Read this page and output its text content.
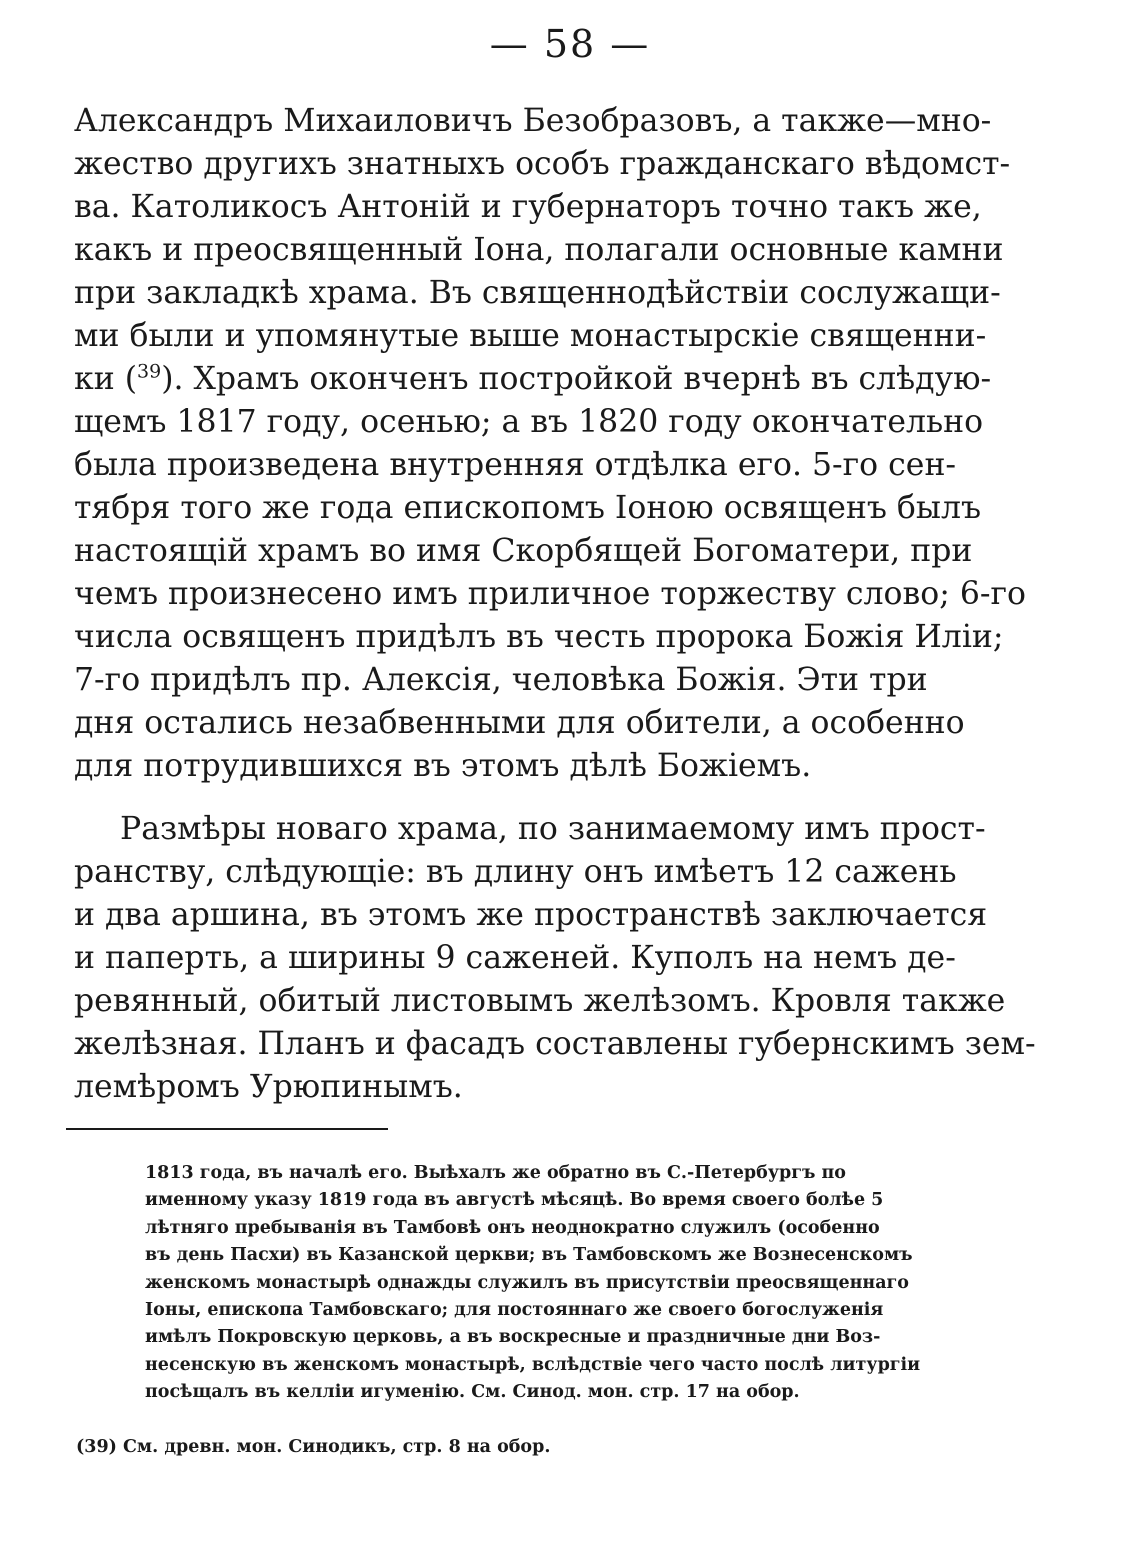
— 58 —
Александръ Михаиловичъ Безобразовъ, а также—мно-
жество другихъ знатныхъ особъ гражданскаго вѣдомст-
ва. Католикосъ Антоній и губернаторъ точно такъ же,
какъ и преосвященный Іона, полагали основные камни
при закладкѣ храма. Въ священнодѣйствіи сослужащи-
ми были и упомянутые выше монастырскіе священни-
ки ($^{39}$). Храмъ оконченъ постройкой вчернѣ въ слѣдую-
щемъ 1817 году, осенью; а въ 1820 году окончательно
была произведена внутренняя отдѣлка его. 5-го сен-
тября того же года епископомъ Іоною освященъ былъ
настоящій храмъ во имя Скорбящей Богоматери, при
чемъ произнесено имъ приличное торжеству слово; 6-го
числа освященъ придѣлъ въ честь пророка Божія Иліи;
7-го придѣлъ пр. Алексія, человѣка Божія. Эти три
дня остались незабвенными для обители, а особенно
для потрудившихся въ этомъ дѣлѣ Божіемъ.
Размѣры новаго храма, по занимаемому имъ прост-
ранству, слѣдующіе: въ длину онъ имѣетъ 12 сажень
и два аршина, въ этомъ же пространствѣ заключается
и паперть, а ширины 9 саженей. Куполъ на немъ де-
ревянный, обитый листовымъ желѣзомъ. Кровля также
желѣзная. Планъ и фасадъ составлены губернскимъ зем-
лемѣромъ Урюпинымъ.
1813 года, въ началѣ его. Выѣхалъ же обратно въ С.-Петербургъ по
именному указу 1819 года въ августѣ мѣсяцѣ. Во время своего болѣе 5
лѣтняго пребыванія въ Тамбовѣ онъ неоднократно служилъ (особенно
въ день Пасхи) въ Казанской церкви; въ Тамбовскомъ же Вознесенскомъ
женскомъ монастырѣ однажды служилъ въ присутствіи преосвященнаго
Іоны, епископа Тамбовскаго; для постояннаго же своего богослуженія
имѣлъ Покровскую церковь, а въ воскресные и праздничные дни Воз-
несенскую въ женскомъ монастырѣ, вслѣдствіе чего часто послѣ литургіи
посѣщалъ въ келліи игуменію. См. Синод. мон. стр. 17 на обор.
(39) См. древн. мон. Синодикъ, стр. 8 на обор.
